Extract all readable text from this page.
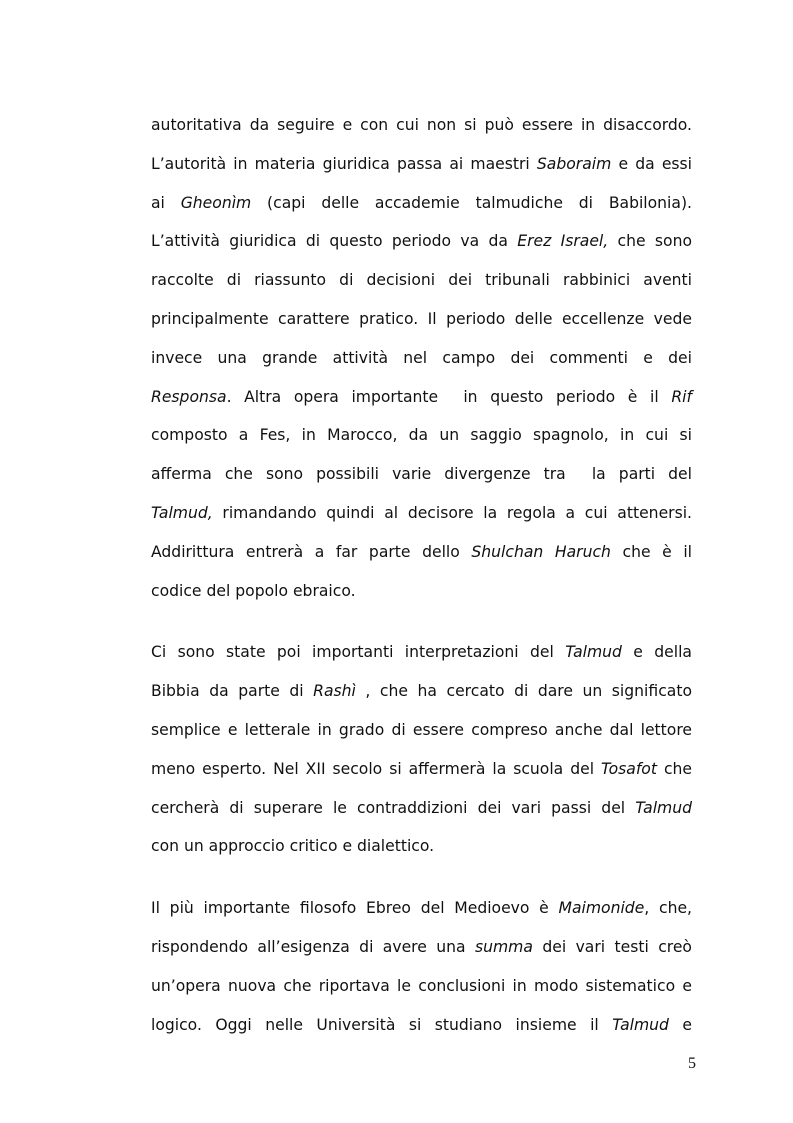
autoritativa da seguire e con cui non si può essere in disaccordo.
L’autorità in materia giuridica passa ai maestri Saboraim e da essi
ai Gheonìm (capi delle accademie talmudiche di Babilonia).
L’attività giuridica di questo periodo va da Erez Israel, che sono
raccolte di riassunto di decisioni dei tribunali rabbinici aventi
principalmente carattere pratico. Il periodo delle eccellenze vede
invece una grande attività nel campo dei commenti e dei
Responsa. Altra opera importante  in questo periodo è il Rif
composto a Fes, in Marocco, da un saggio spagnolo, in cui si
afferma che sono possibili varie divergenze tra  la parti del
Talmud, rimandando quindi al decisore la regola a cui attenersi.
Addirittura entrerà a far parte dello Shulchan Haruch che è il
codice del popolo ebraico.

Ci sono state poi importanti interpretazioni del Talmud e della
Bibbia da parte di Rashì , che ha cercato di dare un significato
semplice e letterale in grado di essere compreso anche dal lettore
meno esperto. Nel XII secolo si affermerà la scuola del Tosafot che
cercherà di superare le contraddizioni dei vari passi del Talmud
con un approccio critico e dialettico.

Il più importante filosofo Ebreo del Medioevo è Maimonide, che,
rispondendo all’esigenza di avere una summa dei vari testi creò
un’opera nuova che riportava le conclusioni in modo sistematico e
logico. Oggi nelle Università si studiano insieme il Talmud e

5
